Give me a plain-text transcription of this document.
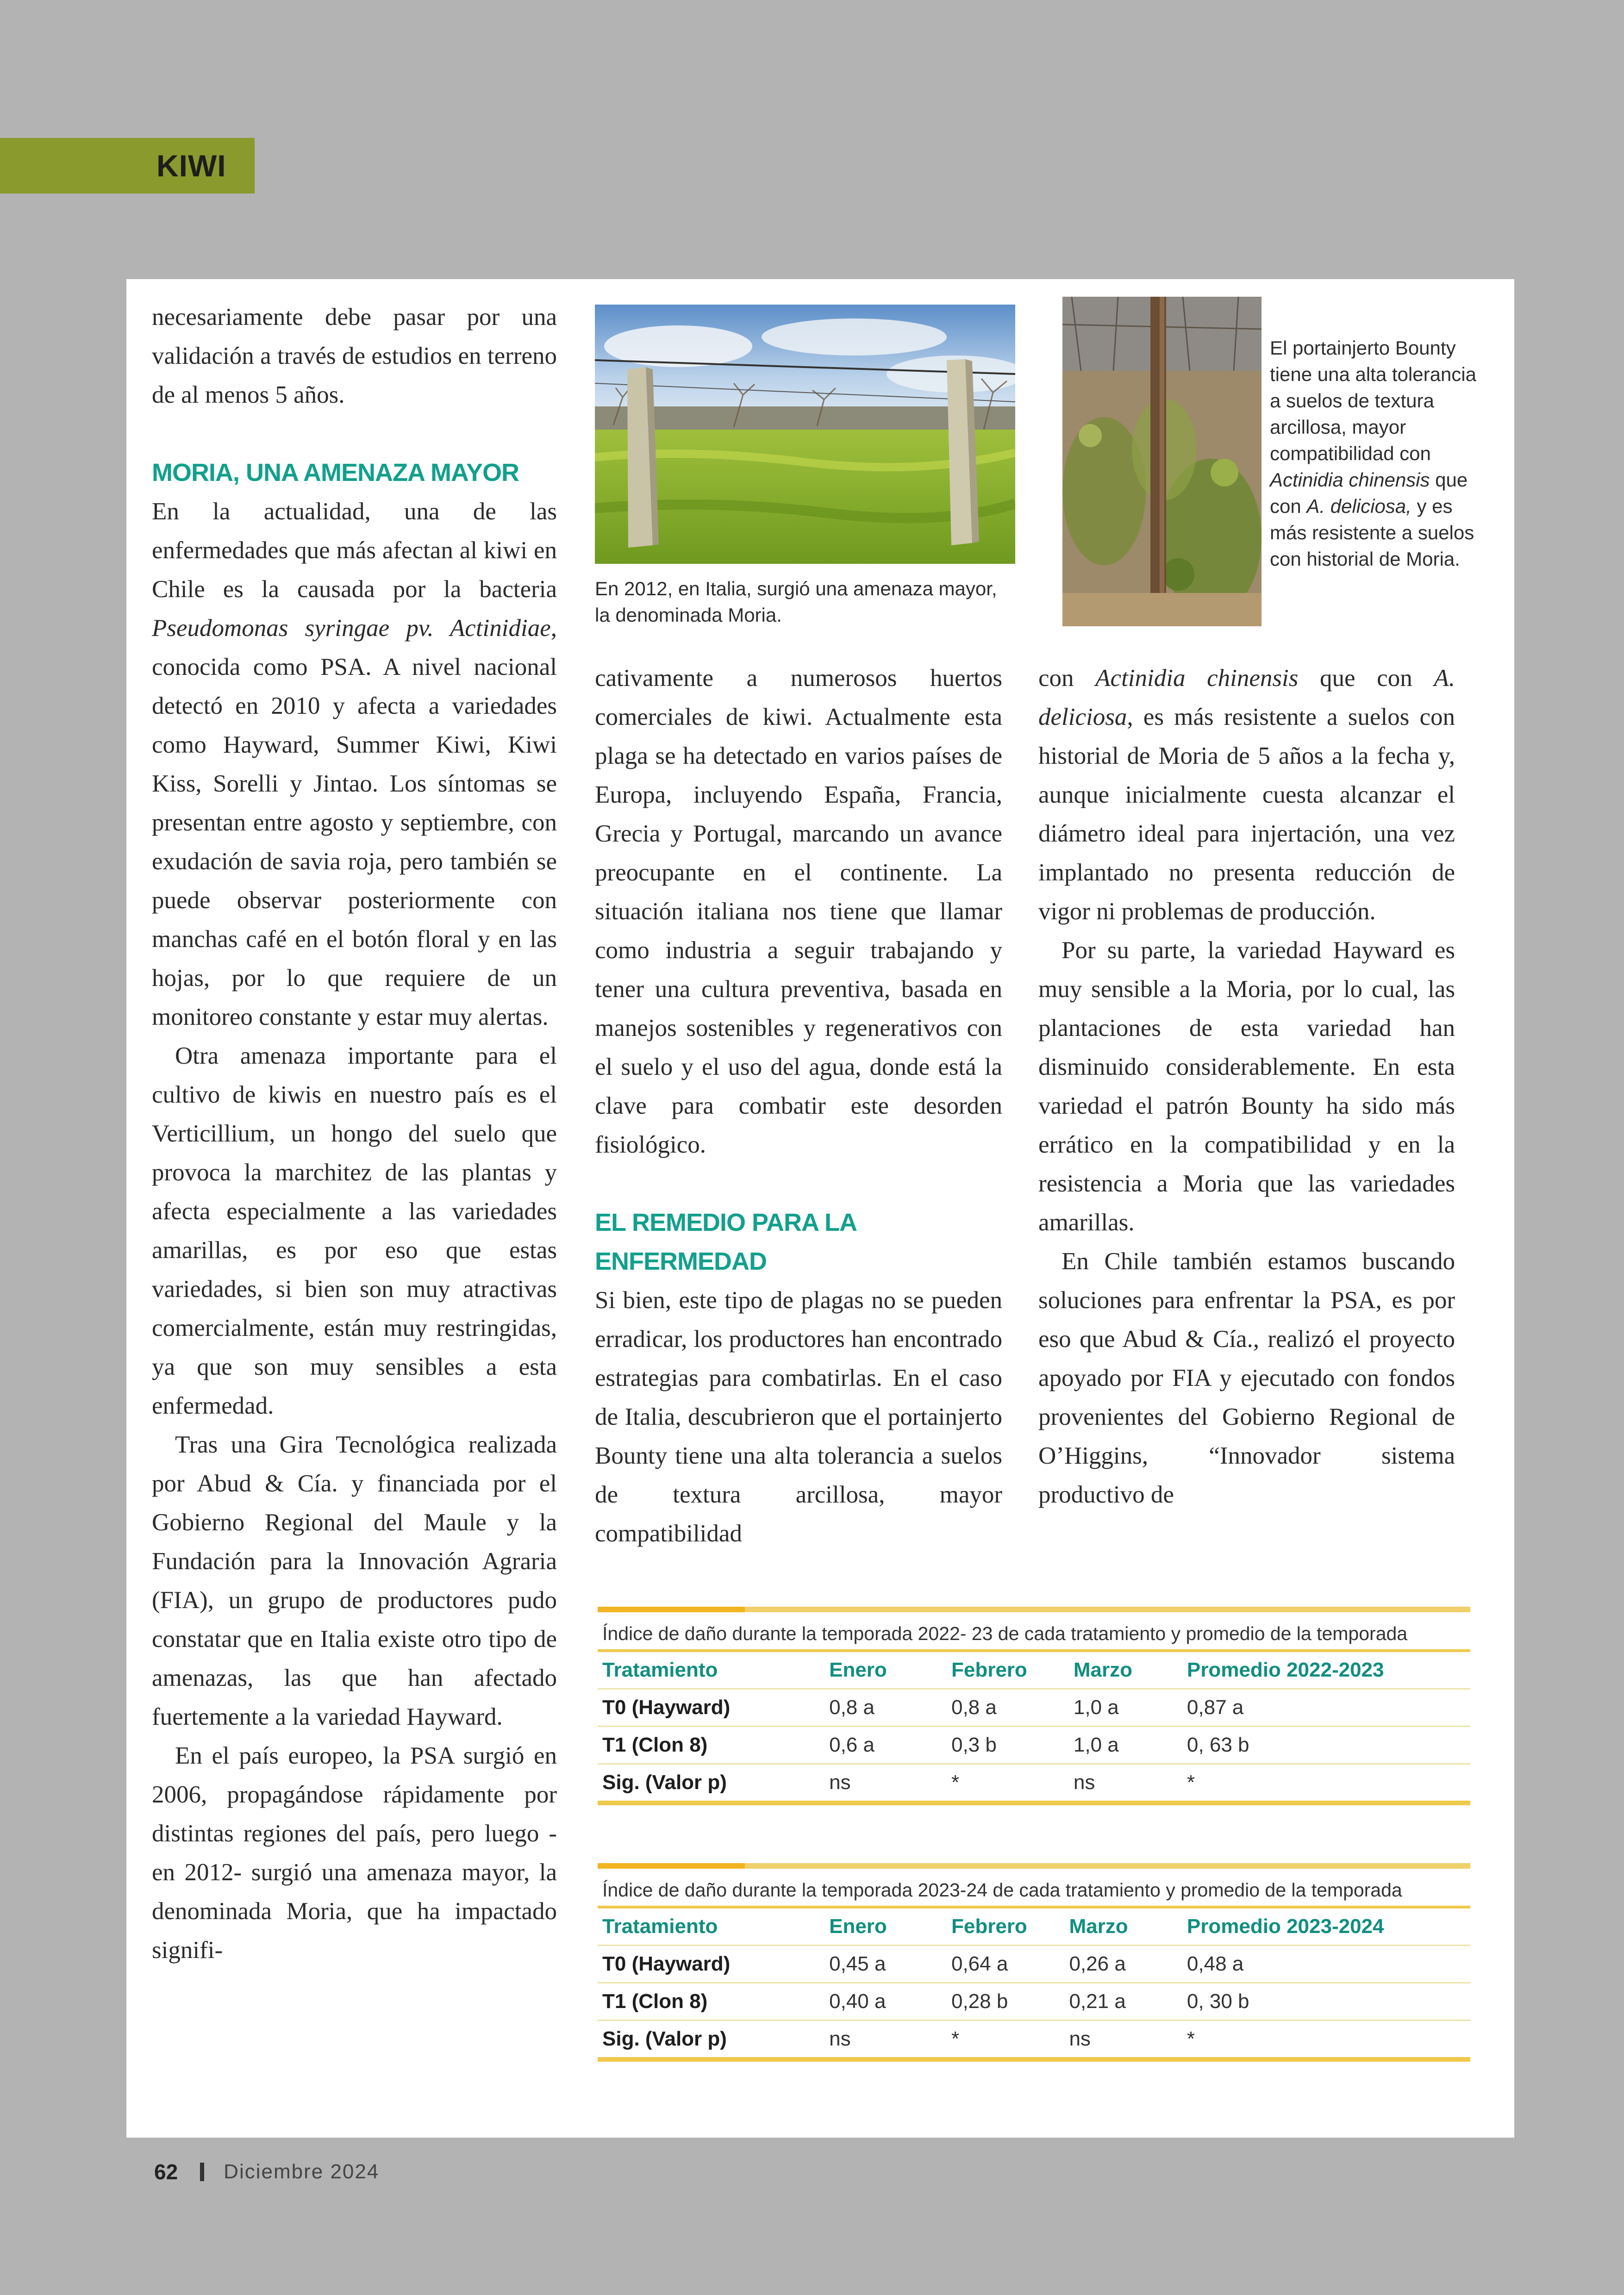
KIWI

necesariamente debe pasar por una validación a través de estudios en terreno de al menos 5 años.

MORIA, UNA AMENAZA MAYOR

En la actualidad, una de las enfermedades que más afectan al kiwi en Chile es la causada por la bacteria Pseudomonas syringae pv. Actinidiae, conocida como PSA. A nivel nacional detectó en 2010 y afecta a variedades como Hayward, Summer Kiwi, Kiwi Kiss, Sorelli y Jintao. Los síntomas se presentan entre agosto y septiembre, con exudación de savia roja, pero también se puede observar posteriormente con manchas café en el botón floral y en las hojas, por lo que requiere de un monitoreo constante y estar muy alertas.

Otra amenaza importante para el cultivo de kiwis en nuestro país es el Verticillium, un hongo del suelo que provoca la marchitez de las plantas y afecta especialmente a las variedades amarillas, es por eso que estas variedades, si bien son muy atractivas comercialmente, están muy restringidas, ya que son muy sensibles a esta enfermedad.

Tras una Gira Tecnológica realizada por Abud & Cía. y financiada por el Gobierno Regional del Maule y la Fundación para la Innovación Agraria (FIA), un grupo de productores pudo constatar que en Italia existe otro tipo de amenazas, las que han afectado fuertemente a la variedad Hayward.

En el país europeo, la PSA surgió en 2006, propagándose rápidamente por distintas regiones del país, pero luego -en 2012- surgió una amenaza mayor, la denominada Moria, que ha impactado signifi-

En 2012, en Italia, surgió una amenaza mayor, la denominada Moria.
El portainjerto Bounty tiene una alta tolerancia a suelos de textura arcillosa, mayor compatibilidad con Actinidia chinensis que con A. deliciosa, y es más resistente a suelos con historial de Moria.

cativamente a numerosos huertos comerciales de kiwi. Actualmente esta plaga se ha detectado en varios países de Europa, incluyendo España, Francia, Grecia y Portugal, marcando un avance preocupante en el continente. La situación italiana nos tiene que llamar como industria a seguir trabajando y tener una cultura preventiva, basada en manejos sostenibles y regenerativos con el suelo y el uso del agua, donde está la clave para combatir este desorden fisiológico.

EL REMEDIO PARA LA ENFERMEDAD

Si bien, este tipo de plagas no se pueden erradicar, los productores han encontrado estrategias para combatirlas. En el caso de Italia, descubrieron que el portainjerto Bounty tiene una alta tolerancia a suelos de textura arcillosa, mayor compatibilidad

con Actinidia chinensis que con A. deliciosa, es más resistente a suelos con historial de Moria de 5 años a la fecha y, aunque inicialmente cuesta alcanzar el diámetro ideal para injertación, una vez implantado no presenta reducción de vigor ni problemas de producción.

Por su parte, la variedad Hayward es muy sensible a la Moria, por lo cual, las plantaciones de esta variedad han disminuido considerablemente. En esta variedad el patrón Bounty ha sido más errático en la compatibilidad y en la resistencia a Moria que las variedades amarillas.

En Chile también estamos buscando soluciones para enfrentar la PSA, es por eso que Abud & Cía., realizó el proyecto apoyado por FIA y ejecutado con fondos provenientes del Gobierno Regional de O’Higgins, “Innovador sistema productivo de

Índice de daño durante la temporada 2022- 23 de cada tratamiento y promedio de la temporada
Tratamiento	Enero	Febrero	Marzo	Promedio 2022-2023
T0 (Hayward)	0,8 a	0,8 a	1,0 a	0,87 a
T1 (Clon 8)	0,6 a	0,3 b	1,0 a	0, 63 b
Sig. (Valor p)	ns	*	ns	*
Índice de daño durante la temporada 2023-24 de cada tratamiento y promedio de la temporada
Tratamiento	Enero	Febrero	Marzo	Promedio 2023-2024
T0 (Hayward)	0,45 a	0,64 a	0,26 a	0,48 a
T1 (Clon 8)	0,40 a	0,28 b	0,21 a	0, 30 b
Sig. (Valor p)	ns	*	ns	*
62 Diciembre 2024
